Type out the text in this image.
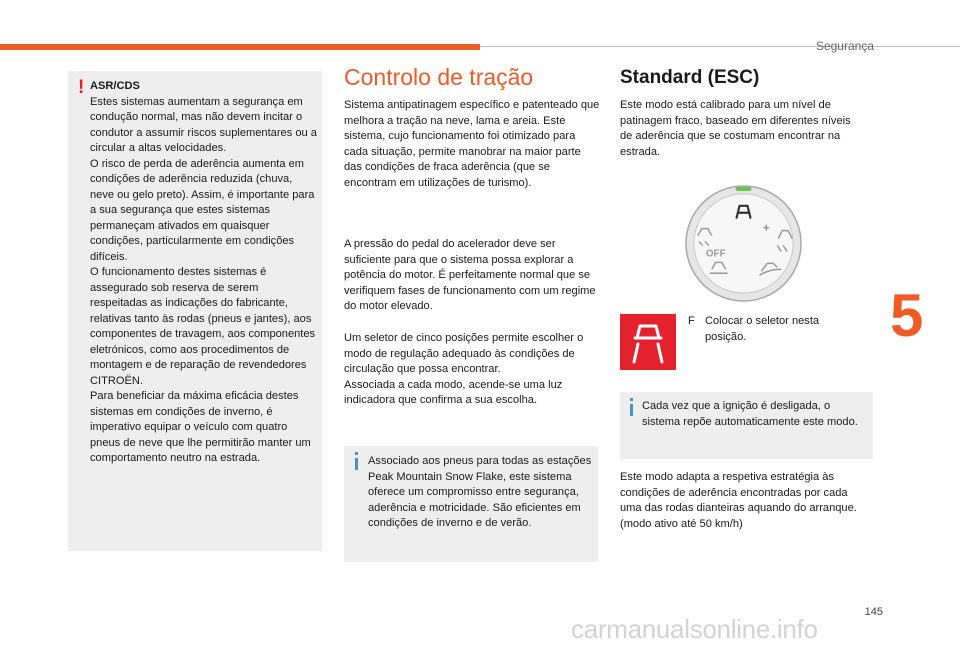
Segurança
5
145
carmanualsonline.info

ASR/CDS

Estes sistemas aumentam a segurança em condução normal, mas não devem incitar o condutor a assumir riscos suplementares ou a circular a altas velocidades.

O risco de perda de aderência aumenta em condições de aderência reduzida (chuva, neve ou gelo preto). Assim, é importante para a sua segurança que estes sistemas permaneçam ativados em quaisquer condições, particularmente em condições difíceis.

O funcionamento destes sistemas é assegurado sob reserva de serem respeitadas as indicações do fabricante, relativas tanto às rodas (pneus e jantes), aos componentes de travagem, aos componentes eletrónicos, como aos procedimentos de montagem e de reparação de revendedores CITROËN.

Para beneficiar da máxima eficácia destes sistemas em condições de inverno, é imperativo equipar o veículo com quatro pneus de neve que lhe permitirão manter um comportamento neutro na estrada.

!	Controlo de tração
Sistema antipatinagem específico e patenteado que melhora a tração na neve, lama e areia. Este sistema, cujo funcionamento foi otimizado para cada situação, permite manobrar na maior parte das condições de fraca aderência (que se encontram em utilizações de turismo).
A pressão do pedal do acelerador deve ser suficiente para que o sistema possa explorar a potência do motor. É perfeitamente normal que se verifiquem fases de funcionamento com um regime do motor elevado.

Um seletor de cinco posições permite escolher o modo de regulação adequado às condições de circulação que possa encontrar.

Associada a cada modo, acende-se uma luz indicadora que confirma a sua escolha.

Associado aos pneus para todas as estações Peak Mountain Snow Flake, este sistema oferece um compromisso entre segurança, aderência e motricidade. São eficientes em condições de inverno e de verão.
Standard (ESC)
Este modo está calibrado para um nível de patinagem fraco, baseado em diferentes níveis de aderência que se costumam encontrar na estrada.
OFF
F Colocar o seletor nesta posição.
Cada vez que a ignição é desligada, o sistema repõe automaticamente este modo.

Este modo adapta a respetiva estratégia às condições de aderência encontradas por cada uma das rodas dianteiras aquando do arranque.

(modo ativo até 50 km/h)
